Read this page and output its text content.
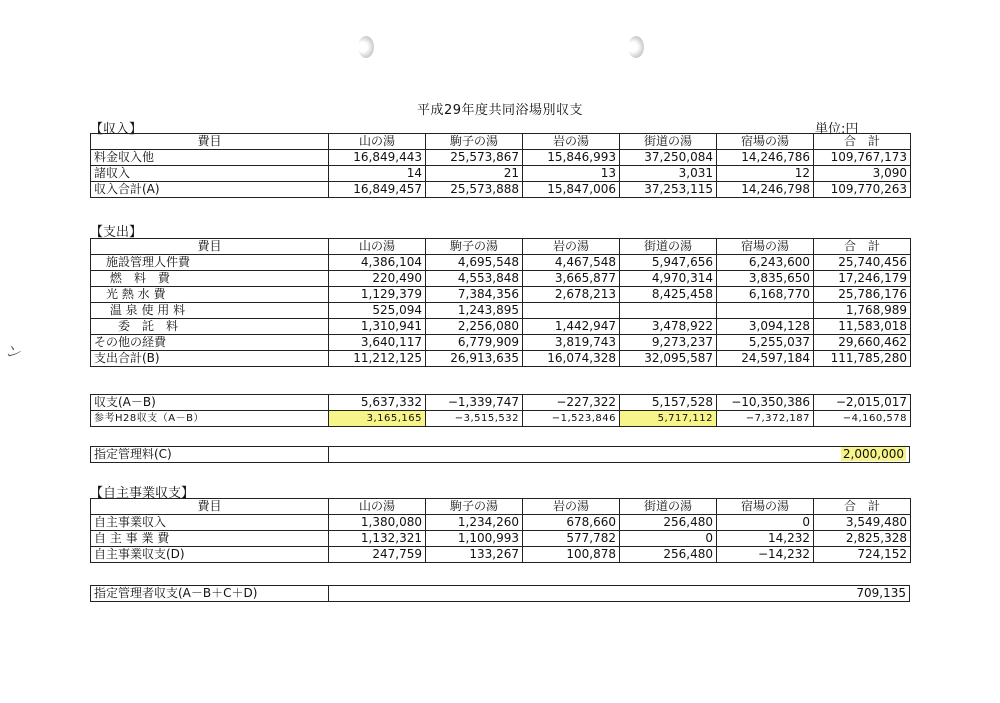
ン
平成29年度共同浴場別収支
【収入】	単位:円
費目	山の湯	駒子の湯	岩の湯	街道の湯	宿場の湯	合　計
料金収入他	16,849,443	25,573,867	15,846,993	37,250,084	14,246,786	109,767,173
諸収入	14	21	13	3,031	12	3,090
収入合計(A)	16,849,457	25,573,888	15,847,006	37,253,115	14,246,798	109,770,263
【支出】
費目	山の湯	駒子の湯	岩の湯	街道の湯	宿場の湯	合　計
　施設管理人件費	4,386,104	4,695,548	4,467,548	5,947,656	6,243,600	25,740,456
　 燃　料　費	220,490	4,553,848	3,665,877	4,970,314	3,835,650	17,246,179
　光 熱 水 費	1,129,379	7,384,356	2,678,213	8,425,458	6,168,770	25,786,176
　 温 泉 使 用 料	525,094	1,243,895				1,768,989
　　委　託　料	1,310,941	2,256,080	1,442,947	3,478,922	3,094,128	11,583,018
その他の経費	3,640,117	6,779,909	3,819,743	9,273,237	5,255,037	29,660,462
支出合計(B)	11,212,125	26,913,635	16,074,328	32,095,587	24,597,184	111,785,280
収支(A－B)	5,637,332	−1,339,747	−227,322	5,157,528	−10,350,386	−2,015,017
参考H28収支（A－B）	3,165,165	−3,515,532	−1,523,846	5,717,112	−7,372,187	−4,160,578
指定管理料(C)	2,000,000
【自主事業収支】
費目	山の湯	駒子の湯	岩の湯	街道の湯	宿場の湯	合　計
自主事業収入	1,380,080	1,234,260	678,660	256,480	0	3,549,480
自 主 事 業 費	1,132,321	1,100,993	577,782	0	14,232	2,825,328
自主事業収支(D)	247,759	133,267	100,878	256,480	−14,232	724,152
指定管理者収支(A－B＋C＋D)	709,135
